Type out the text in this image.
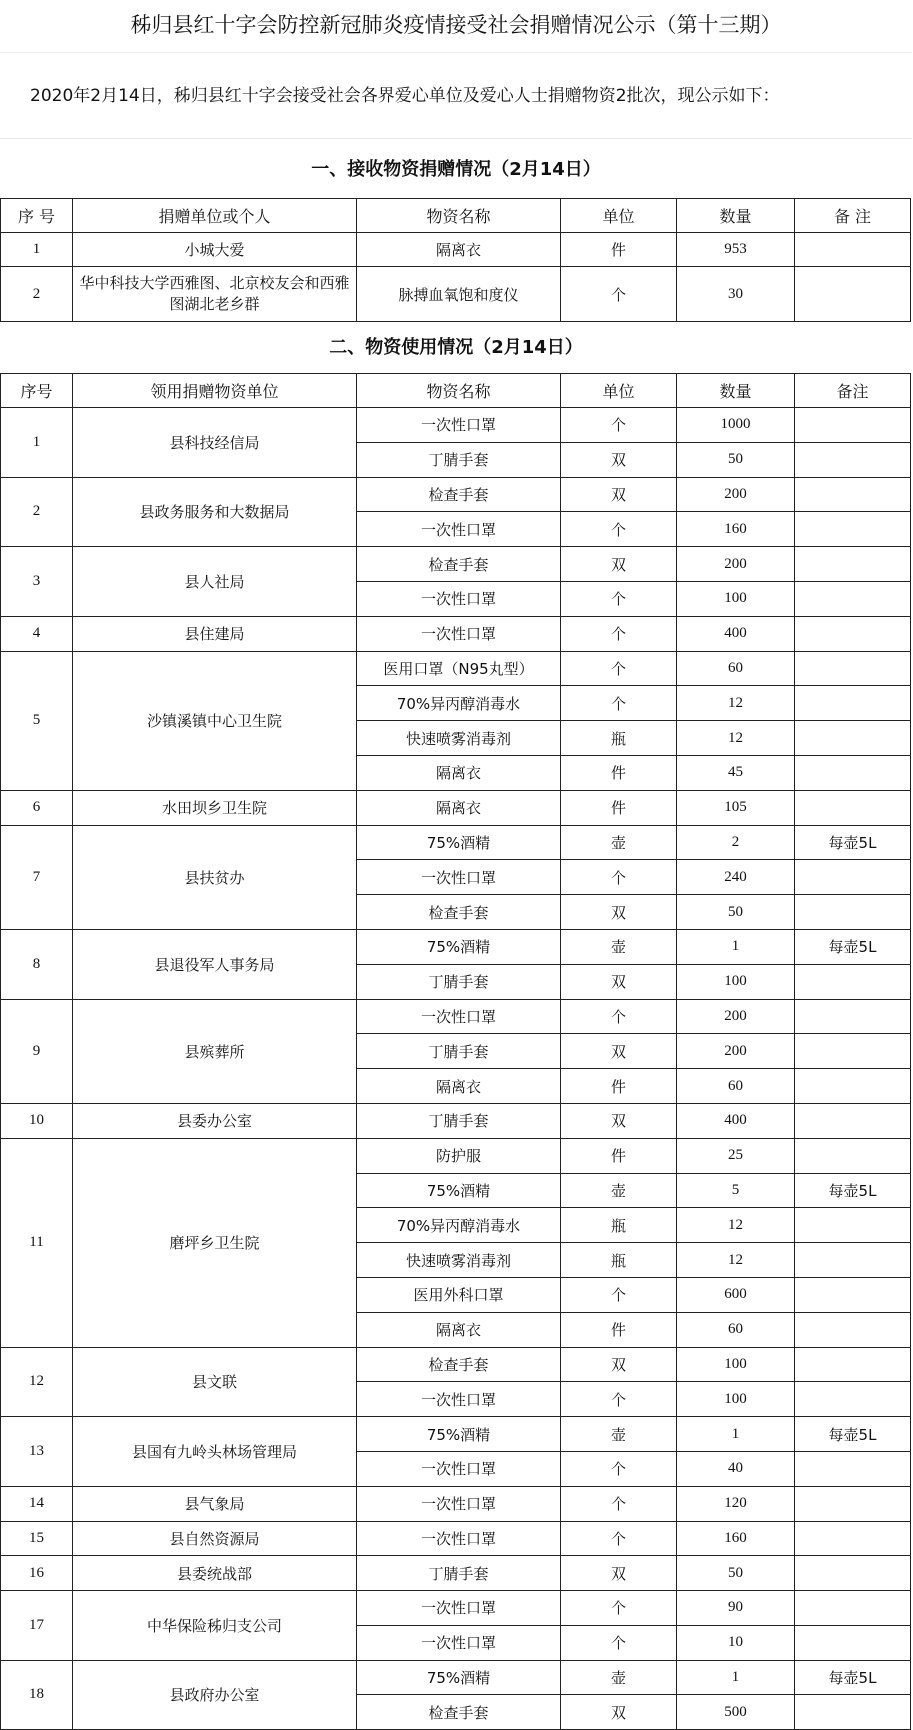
秭归县红十字会防控新冠肺炎疫情接受社会捐赠情况公示（第十三期）
2020年2月14日，秭归县红十字会接受社会各界爱心单位及爱心人士捐赠物资2批次，现公示如下：
一、接收物资捐赠情况（2月14日）
序 号	捐赠单位或个人	物资名称	单位	数量	备 注
1	小城大爱	隔离衣	件	953	
2	华中科技大学西雅图、北京校友会和西雅图湖北老乡群	脉搏血氧饱和度仪	个	30	
二、物资使用情况（2月14日）
序号	领用捐赠物资单位	物资名称	单位	数量	备注
1	县科技经信局	一次性口罩	个	1000	
		丁腈手套	双	50	
2	县政务服务和大数据局	检查手套	双	200	
		一次性口罩	个	160	
3	县人社局	检查手套	双	200	
		一次性口罩	个	100	
4	县住建局	一次性口罩	个	400	
5	沙镇溪镇中心卫生院	医用口罩（N95丸型）	个	60	
		70%异丙醇消毒水	个	12	
		快速喷雾消毒剂	瓶	12	
		隔离衣	件	45	
6	水田坝乡卫生院	隔离衣	件	105	
7	县扶贫办	75%酒精	壶	2	每壶5L
		一次性口罩	个	240	
		检查手套	双	50	
8	县退役军人事务局	75%酒精	壶	1	每壶5L
		丁腈手套	双	100	
9	县殡葬所	一次性口罩	个	200	
		丁腈手套	双	200	
		隔离衣	件	60	
10	县委办公室	丁腈手套	双	400	
11	磨坪乡卫生院	防护服	件	25	
		75%酒精	壶	5	每壶5L
		70%异丙醇消毒水	瓶	12	
		快速喷雾消毒剂	瓶	12	
		医用外科口罩	个	600	
		隔离衣	件	60	
12	县文联	检查手套	双	100	
		一次性口罩	个	100	
13	县国有九岭头林场管理局	75%酒精	壶	1	每壶5L
		一次性口罩	个	40	
14	县气象局	一次性口罩	个	120	
15	县自然资源局	一次性口罩	个	160	
16	县委统战部	丁腈手套	双	50	
17	中华保险秭归支公司	一次性口罩	个	90	
		一次性口罩	个	10	
18	县政府办公室	75%酒精	壶	1	每壶5L
		检查手套	双	500	
